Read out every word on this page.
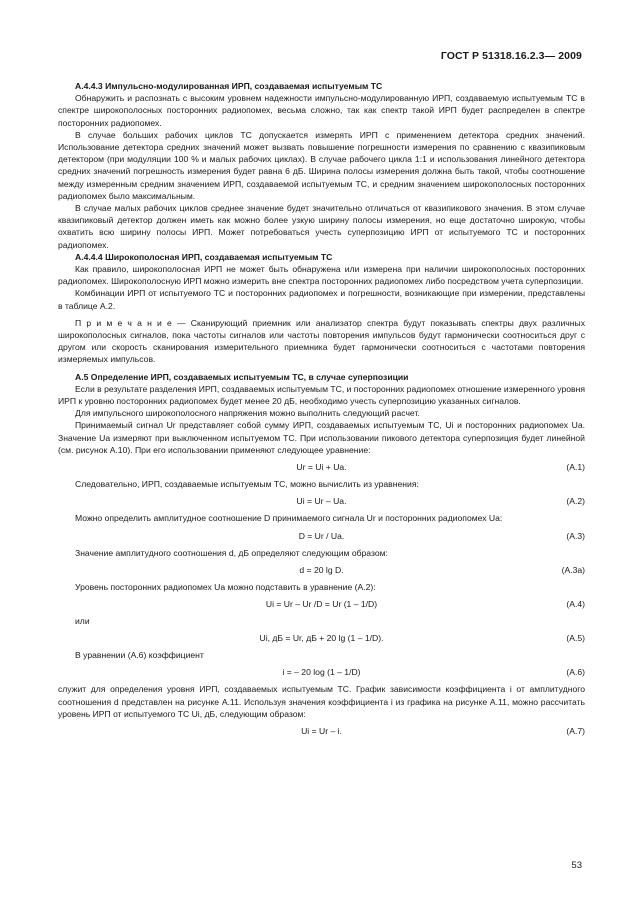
ГОСТ Р 51318.16.2.3— 2009

А.4.4.3 Импульсно-модулированная ИРП, создаваемая испытуемым ТС

Обнаружить и распознать с высоким уровнем надежности импульсно-модулированную ИРП, создаваемую испытуемым ТС в спектре широкополосных посторонних радиопомех, весьма сложно, так как спектр такой ИРП будет распределен в спектре посторонних радиопомех.

В случае больших рабочих циклов ТС допускается измерять ИРП с применением детектора средних значений. Использование детектора средних значений может вызвать повышение погрешности измерения по сравнению с квазипиковым детектором (при модуляции 100 % и малых рабочих циклах). В случае рабочего цикла 1:1 и использования линейного детектора средних значений погрешность измерения будет равна 6 дБ. Ширина полосы измерения должна быть такой, чтобы соотношение между измеренным средним значением ИРП, создаваемой испытуемым ТС, и средним значением широкополосных посторонних радиопомех было максимальным.

В случае малых рабочих циклов среднее значение будет значительно отличаться от квазипикового значения. В этом случае квазипиковый детектор должен иметь как можно более узкую ширину полосы измерения, но еще достаточно широкую, чтобы охватить всю ширину полосы ИРП. Может потребоваться учесть суперпозицию ИРП от испытуемого ТС и посторонних радиопомех.

А.4.4.4 Широкополосная ИРП, создаваемая испытуемым ТС

Как правило, широкополосная ИРП не может быть обнаружена или измерена при наличии широкополосных посторонних радиопомех. Широкополосную ИРП можно измерить вне спектра посторонних радиопомех либо посредством учета суперпозиции.

Комбинации ИРП от испытуемого ТС и посторонних радиопомех и погрешности, возникающие при измерении, представлены в таблице А.2.

П р и м е ч а н и е — Сканирующий приемник или анализатор спектра будут показывать спектры двух различных широкополосных сигналов, пока частоты сигналов или частоты повторения импульсов будут гармонически соотноситься друг с другом или скорость сканирования измерительного приемника будет гармонически соотноситься с частотами повторения измеряемых импульсов.

А.5 Определение ИРП, создаваемых испытуемым ТС, в случае суперпозиции

Если в результате разделения ИРП, создаваемых испытуемым ТС, и посторонних радиопомех отношение измеренного уровня ИРП к уровню посторонних радиопомех будет менее 20 дБ, необходимо учесть суперпозицию указанных сигналов.

Для импульсного широкополосного напряжения можно выполнить следующий расчет.

Принимаемый сигнал Ur представляет собой сумму ИРП, создаваемых испытуемым ТС, Ui и посторонних радиопомех Ua. Значение Ua измеряют при выключенном испытуемом ТС. При использовании пикового детектора суперпозиция будет линейной (см. рисунок А.10). При его использовании применяют следующее уравнение:

Ur = Ui + Ua.	(А.1)

Следовательно, ИРП, создаваемые испытуемым ТС, можно вычислить из уравнения:

Ui = Ur – Ua.	(А.2)

Можно определить амплитудное соотношение D принимаемого сигнала Ur и посторонних радиопомех Ua:

D = Ur / Ua.	(А.3)

Значение амплитудного соотношения d, дБ определяют следующим образом:

d = 20 lg D.	(А.3а)

Уровень посторонних радиопомех Ua можно подставить в уравнение (А.2):

Ui = Ur – Ur /D = Ur (1 – 1/D)	(А.4)

или

Ui, дБ = Ur, дБ + 20 lg (1 – 1/D).	(А.5)

В уравнении (А.6) коэффициент

i = – 20 log (1 – 1/D)	(А.6)

служит для определения уровня ИРП, создаваемых испытуемым ТС. График зависимости коэффициента i от амплитудного соотношения d представлен на рисунке А.11. Используя значения коэффициента i из графика на рисунке А.11, можно рассчитать уровень ИРП от испытуемого ТС Ui, дБ, следующим образом:

Ui = Ur – i.	(А.7)
53
